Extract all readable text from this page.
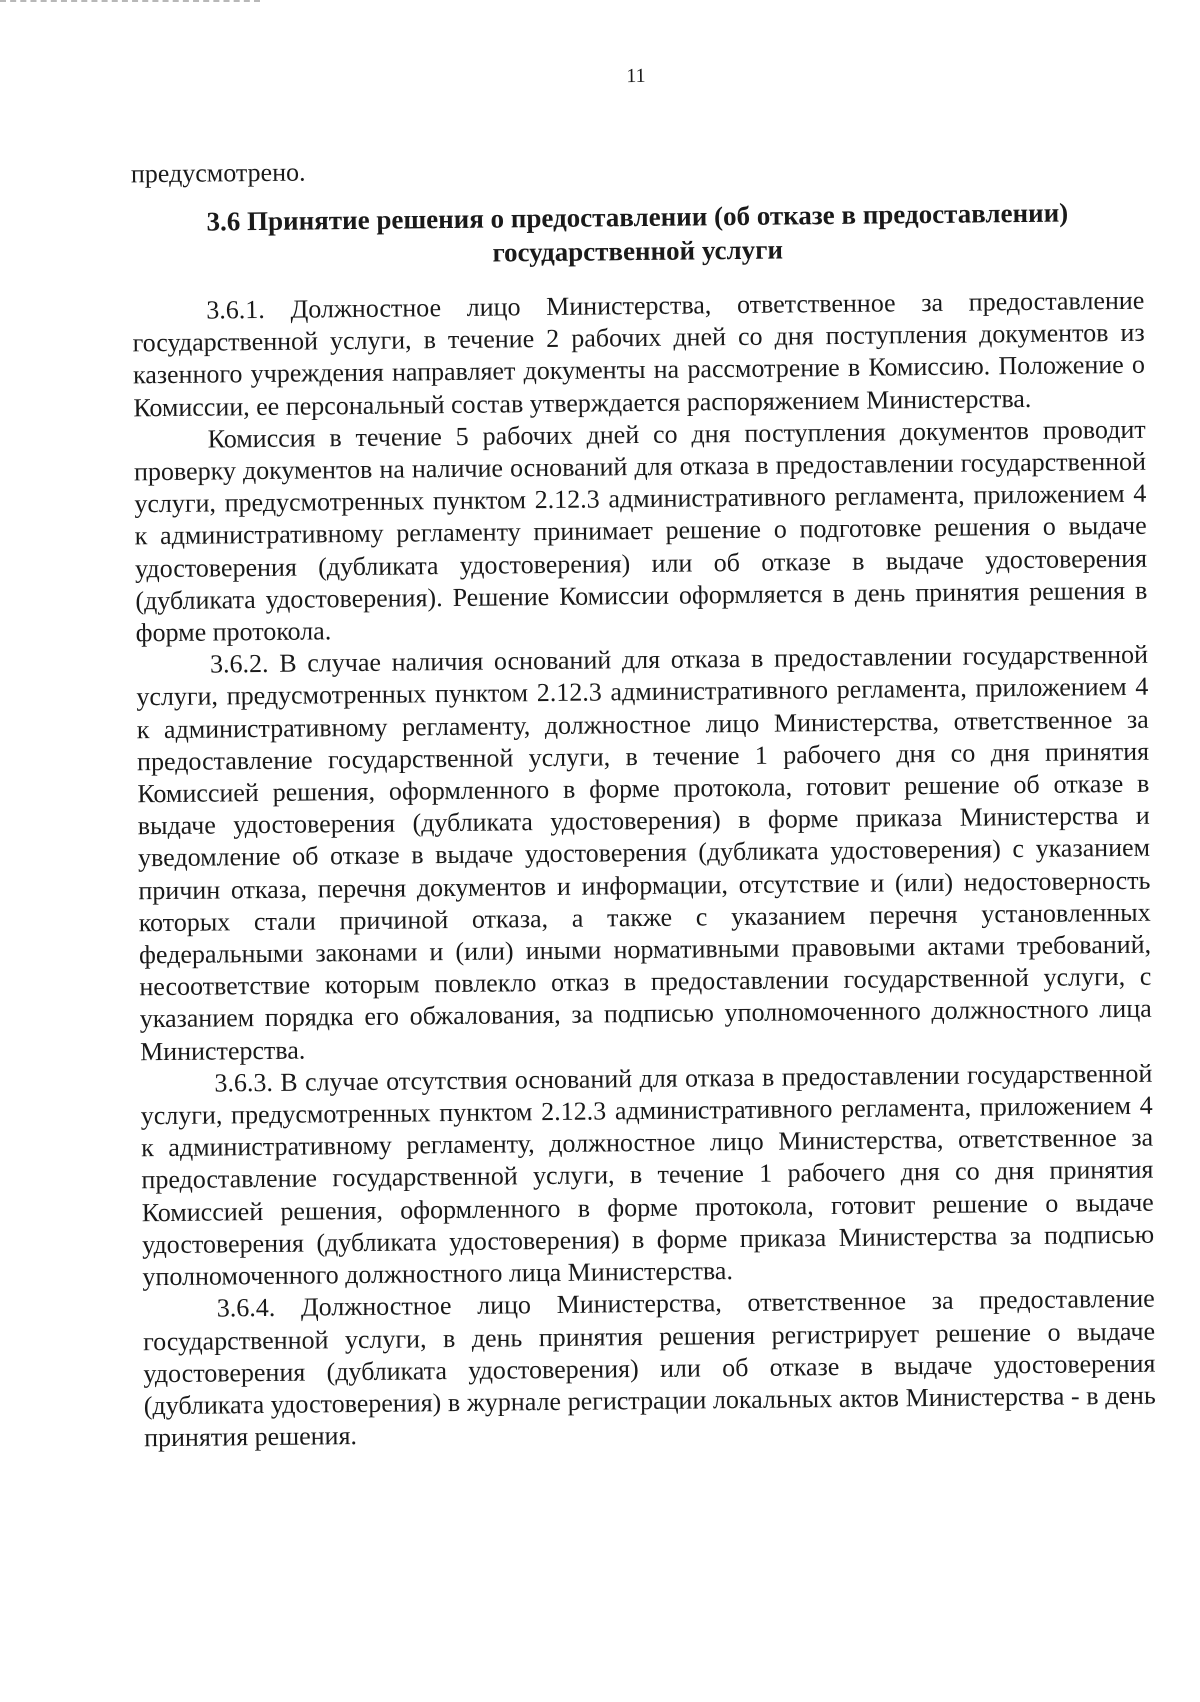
11
предусмотрено.
3.6 Принятие решения о предоставлении (об отказе в предоставлении)
государственной услуги

3.6.1. Должностное лицо Министерства, ответственное за предоставление государственной услуги, в течение 2 рабочих дней со дня поступления документов из казенного учреждения направляет документы на рассмотрение в Комиссию. Положение о Комиссии, ее персональный состав утверждается распоряжением Министерства.

Комиссия в течение 5 рабочих дней со дня поступления документов проводит проверку документов на наличие оснований для отказа в предоставлении государственной услуги, предусмотренных пунктом 2.12.3 административного регламента, приложением 4 к административному регламенту принимает решение о подготовке решения о выдаче удостоверения (дубликата удостоверения) или об отказе в выдаче удостоверения (дубликата удостоверения). Решение Комиссии оформляется в день принятия решения в форме протокола.

3.6.2. В случае наличия оснований для отказа в предоставлении государственной услуги, предусмотренных пунктом 2.12.3 административного регламента, приложением 4 к административному регламенту, должностное лицо Министерства, ответственное за предоставление государственной услуги, в течение 1 рабочего дня со дня принятия Комиссией решения, оформленного в форме протокола, готовит решение об отказе в выдаче удостоверения (дубликата удостоверения) в форме приказа Министерства и уведомление об отказе в выдаче удостоверения (дубликата удостоверения) с указанием причин отказа, перечня документов и информации, отсутствие и (или) недостоверность которых стали причиной отказа, а также с указанием перечня установленных федеральными законами и (или) иными нормативными правовыми актами требований, несоответствие которым повлекло отказ в предоставлении государственной услуги, с указанием порядка его обжалования, за подписью уполномоченного должностного лица Министерства.

3.6.3. В случае отсутствия оснований для отказа в предоставлении государственной услуги, предусмотренных пунктом 2.12.3 административного регламента, приложением 4 к административному регламенту, должностное лицо Министерства, ответственное за предоставление государственной услуги, в течение 1 рабочего дня со дня принятия Комиссией решения, оформленного в форме протокола, готовит решение о выдаче удостоверения (дубликата удостоверения) в форме приказа Министерства за подписью уполномоченного должностного лица Министерства.

3.6.4. Должностное лицо Министерства, ответственное за предоставление государственной услуги, в день принятия решения регистрирует решение о выдаче удостоверения (дубликата удостоверения) или об отказе в выдаче удостоверения (дубликата удостоверения) в журнале регистрации локальных актов Министерства - в день принятия решения.
